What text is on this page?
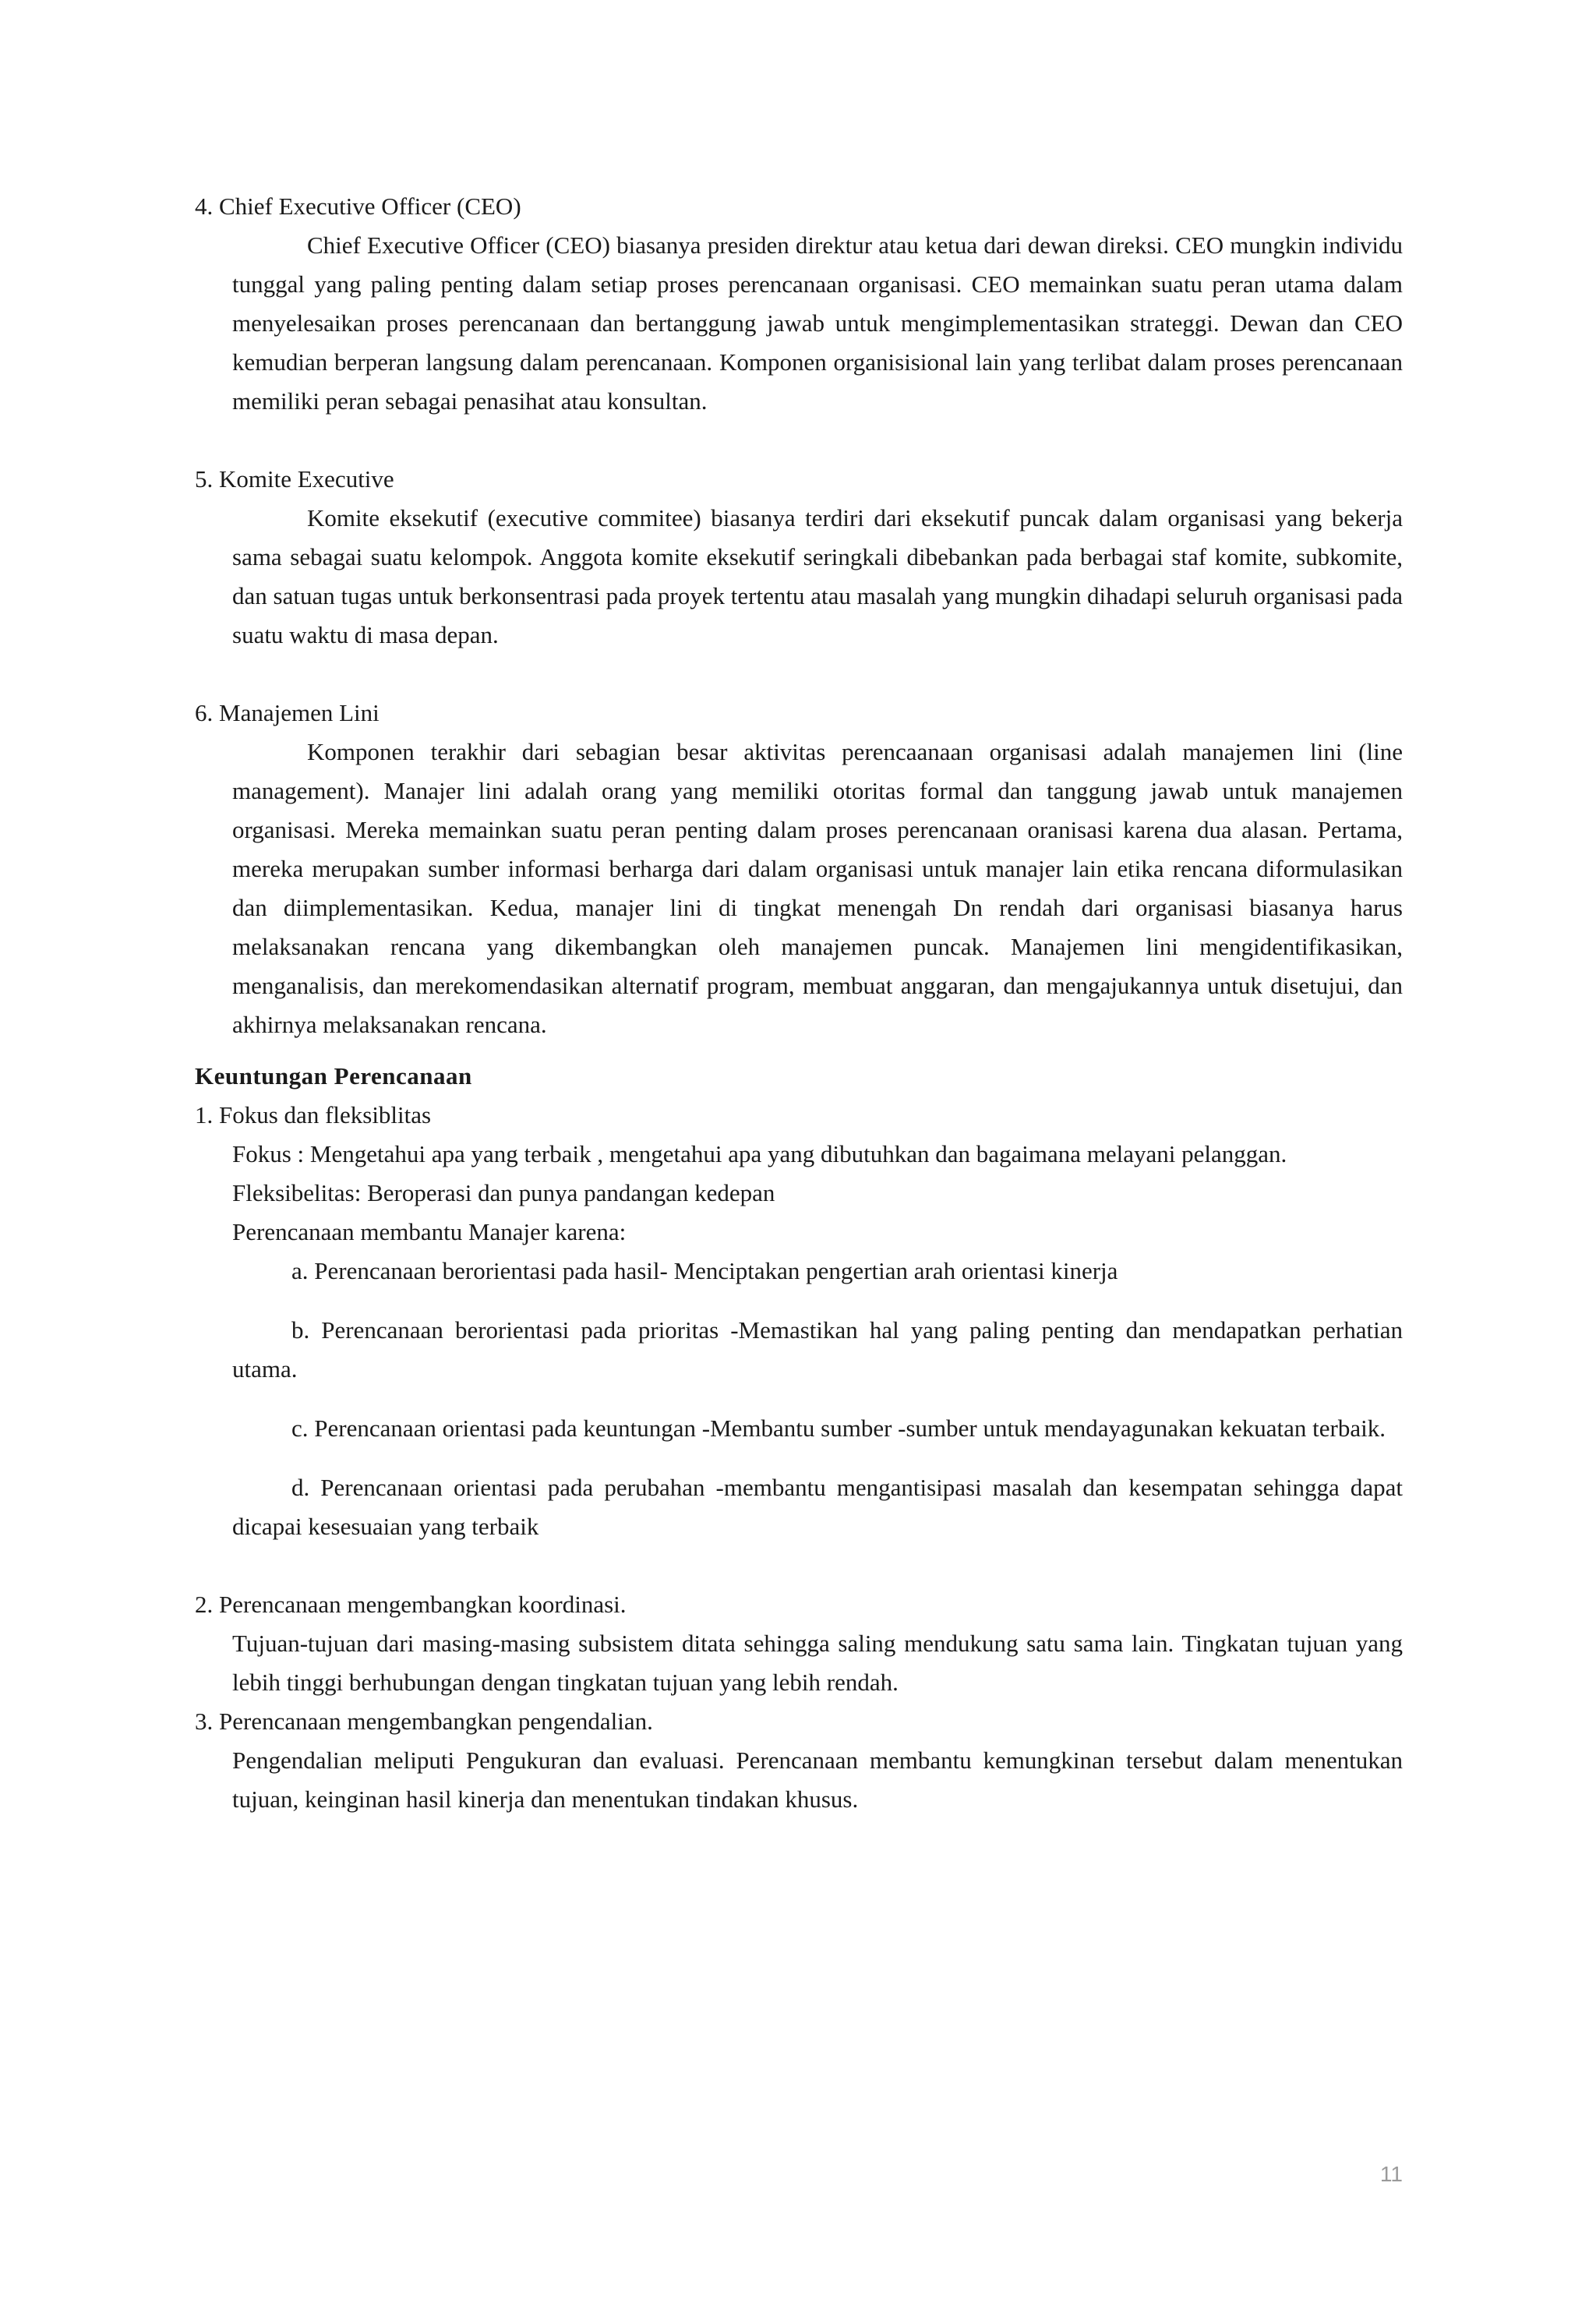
4. Chief Executive Officer (CEO)

Chief Executive Officer (CEO) biasanya presiden direktur atau ketua dari dewan direksi. CEO mungkin individu tunggal yang paling penting dalam setiap proses perencanaan organisasi. CEO memainkan suatu peran utama dalam menyelesaikan proses perencanaan dan bertanggung jawab untuk mengimplementasikan strateggi. Dewan dan CEO kemudian berperan langsung dalam perencanaan. Komponen organisisional lain yang terlibat dalam proses perencanaan memiliki peran sebagai penasihat atau konsultan.

5. Komite Executive

Komite eksekutif (executive commitee) biasanya terdiri dari eksekutif puncak dalam organisasi yang bekerja sama sebagai suatu kelompok. Anggota komite eksekutif seringkali dibebankan pada berbagai staf komite, subkomite, dan satuan tugas untuk berkonsentrasi pada proyek tertentu atau masalah yang mungkin dihadapi seluruh organisasi pada suatu waktu di masa depan.

6. Manajemen Lini

Komponen terakhir dari sebagian besar aktivitas perencaanaan organisasi adalah manajemen lini (line management). Manajer lini adalah orang yang memiliki otoritas formal dan tanggung jawab untuk manajemen organisasi. Mereka memainkan suatu peran penting dalam proses perencanaan oranisasi karena dua alasan. Pertama, mereka merupakan sumber informasi berharga dari dalam organisasi untuk manajer lain etika rencana diformulasikan dan diimplementasikan. Kedua, manajer lini di tingkat menengah Dn rendah dari organisasi biasanya harus melaksanakan rencana yang dikembangkan oleh manajemen puncak. Manajemen lini mengidentifikasikan, menganalisis, dan merekomendasikan alternatif program, membuat anggaran, dan mengajukannya untuk disetujui, dan akhirnya melaksanakan rencana.

Keuntungan Perencanaan
1. Fokus dan fleksiblitas

Fokus : Mengetahui apa yang terbaik , mengetahui apa yang dibutuhkan dan bagaimana melayani pelanggan.

Fleksibelitas: Beroperasi dan punya pandangan kedepan

Perencanaan membantu Manajer karena:

a. Perencanaan berorientasi pada hasil- Menciptakan pengertian arah orientasi kinerja

b. Perencanaan berorientasi pada prioritas -Memastikan hal yang paling penting dan mendapatkan perhatian utama.

c. Perencanaan orientasi pada keuntungan -Membantu sumber -sumber untuk mendayagunakan kekuatan terbaik.

d. Perencanaan orientasi pada perubahan -membantu mengantisipasi masalah dan kesempatan sehingga dapat dicapai kesesuaian yang terbaik

2. Perencanaan mengembangkan koordinasi.

Tujuan-tujuan dari masing-masing subsistem ditata sehingga saling mendukung satu sama lain. Tingkatan tujuan yang lebih tinggi berhubungan dengan tingkatan tujuan yang lebih rendah.

3. Perencanaan mengembangkan pengendalian.

Pengendalian meliputi Pengukuran dan evaluasi. Perencanaan membantu kemungkinan tersebut dalam menentukan tujuan, keinginan hasil kinerja dan menentukan tindakan khusus.

11
